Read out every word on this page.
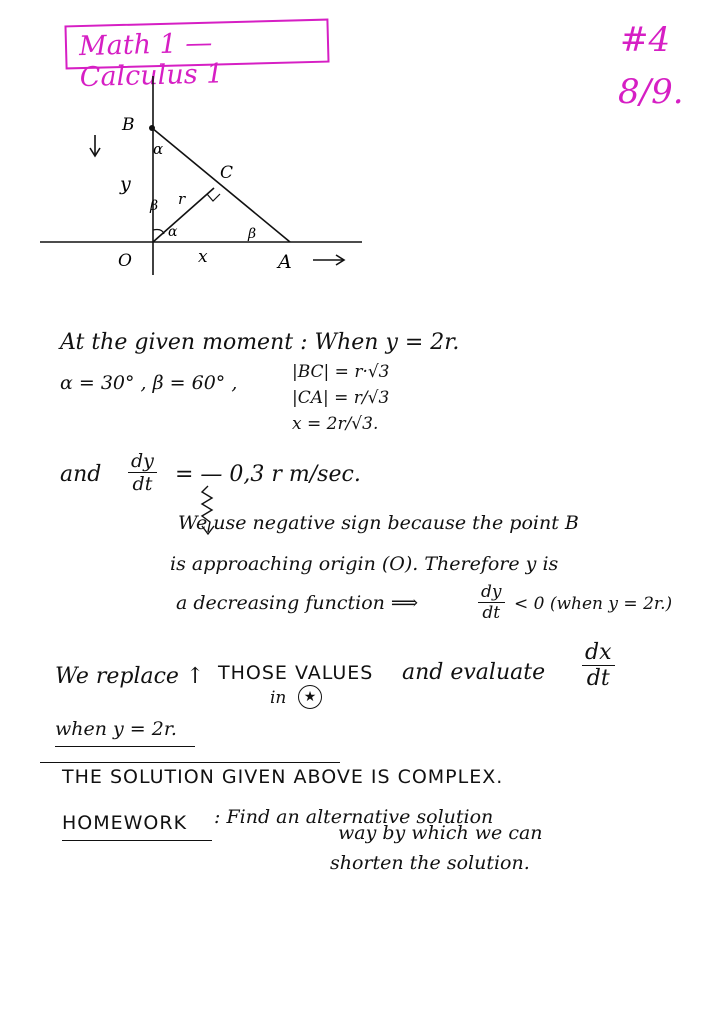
Math 1 — Calculus 1
#4
8/9.
B
C
O	A
y
x
r
α
α
β
β
At the given moment : When y = 2r.
α = 30° , β = 60° ,	|BC| = r·√3
|CA| = r/√3
x = 2r/√3.
and $\frac{dy}{dt}$ = — 0,3 r m/sec.
We use negative sign because the point B
is approaching origin (O). Therefore y is
a decreasing function ⟹	$\frac{dy}{dt} < 0$ (when y = 2r.)
We replace ↑ THOSE VALUES
in	★
and evaluate $\frac{dx}{dt}$
when y = 2r.
THE SOLUTION GIVEN ABOVE IS COMPLEX.
HOMEWORK : Find an alternative solution
way by which we can
shorten the solution.
